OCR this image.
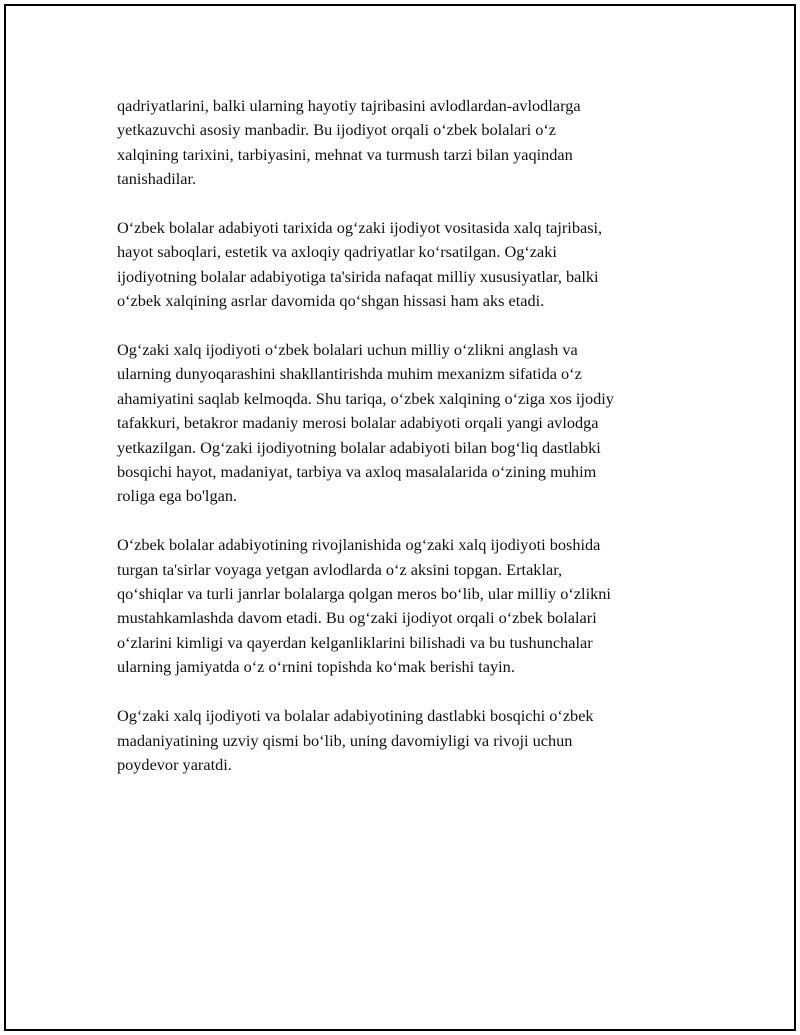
qadriyatlarini, balki ularning hayotiy tajribasini avlodlardan-avlodlarga
yetkazuvchi asosiy manbadir. Bu ijodiyot orqali oʻzbek bolalari oʻz
xalqining tarixini, tarbiyasini, mehnat va turmush tarzi bilan yaqindan
tanishadilar.

Oʻzbek bolalar adabiyoti tarixida ogʻzaki ijodiyot vositasida xalq tajribasi,
hayot saboqlari, estetik va axloqiy qadriyatlar koʻrsatilgan. Ogʻzaki
ijodiyotning bolalar adabiyotiga ta'sirida nafaqat milliy xususiyatlar, balki
oʻzbek xalqining asrlar davomida qoʻshgan hissasi ham aks etadi.

Ogʻzaki xalq ijodiyoti oʻzbek bolalari uchun milliy oʻzlikni anglash va
ularning dunyoqarashini shakllantirishda muhim mexanizm sifatida oʻz
ahamiyatini saqlab kelmoqda. Shu tariqa, oʻzbek xalqining oʻziga xos ijodiy
tafakkuri, betakror madaniy merosi bolalar adabiyoti orqali yangi avlodga
yetkazilgan. Ogʻzaki ijodiyotning bolalar adabiyoti bilan bogʻliq dastlabki
bosqichi hayot, madaniyat, tarbiya va axloq masalalarida oʻzining muhim
roliga ega bo'lgan.

Oʻzbek bolalar adabiyotining rivojlanishida ogʻzaki xalq ijodiyoti boshida
turgan ta'sirlar voyaga yetgan avlodlarda oʻz aksini topgan. Ertaklar,
qoʻshiqlar va turli janrlar bolalarga qolgan meros boʻlib, ular milliy oʻzlikni
mustahkamlashda davom etadi. Bu ogʻzaki ijodiyot orqali oʻzbek bolalari
oʻzlarini kimligi va qayerdan kelganliklarini bilishadi va bu tushunchalar
ularning jamiyatda oʻz oʻrnini topishda koʻmak berishi tayin.

Ogʻzaki xalq ijodiyoti va bolalar adabiyotining dastlabki bosqichi oʻzbek
madaniyatining uzviy qismi boʻlib, uning davomiyligi va rivoji uchun
poydevor yaratdi.
